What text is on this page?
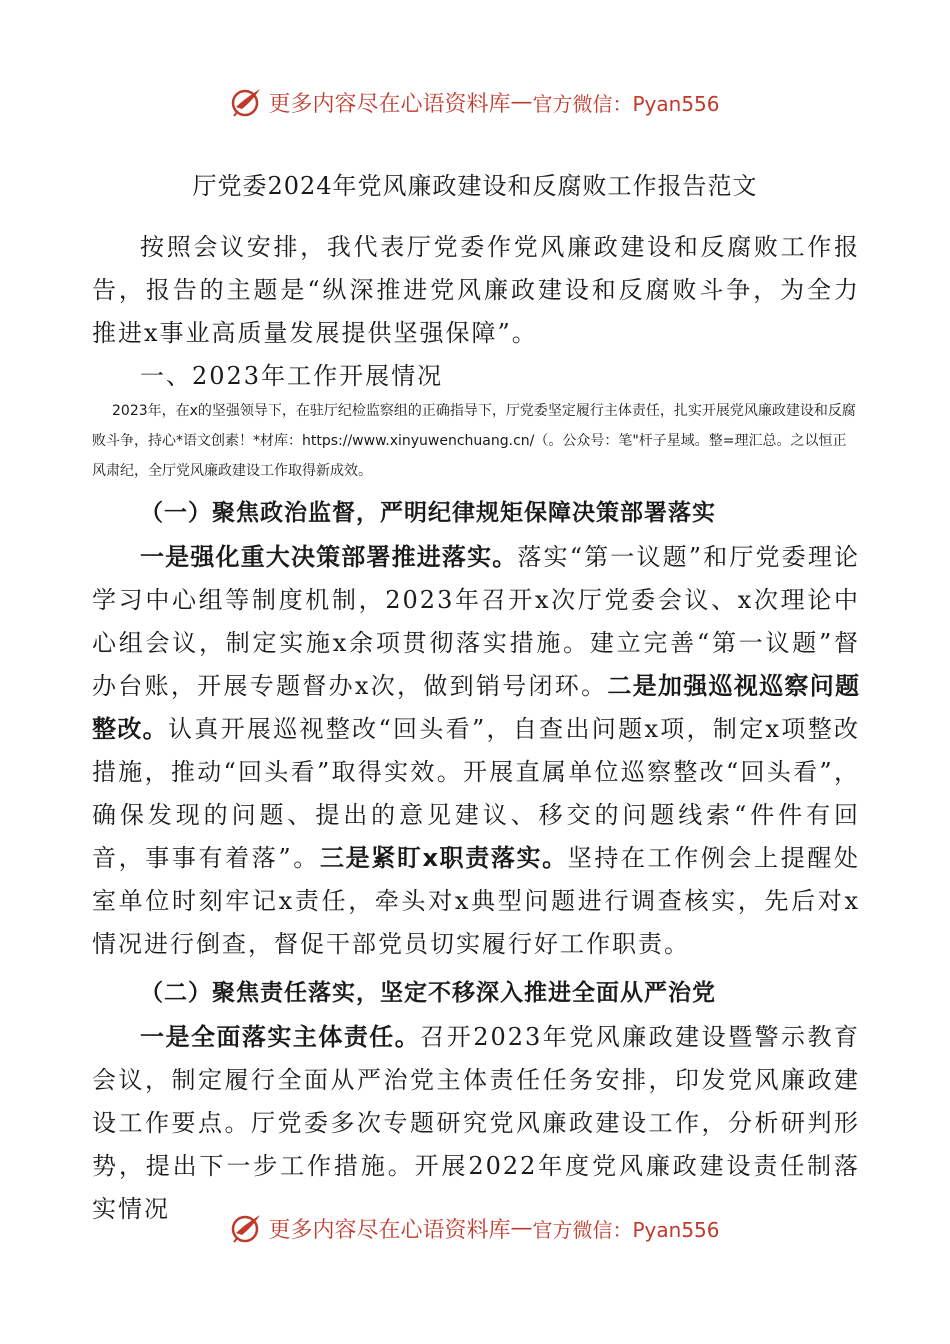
更多内容尽在心语资料库 — 官方微信：Pyan556
厅党委2024年党风廉政建设和反腐败工作报告范文
按照会议安排，我代表厅党委作党风廉政建设和反腐败工作报告，报告的主题是“纵深推进党风廉政建设和反腐败斗争，为全力推进x事业高质量发展提供坚强保障”。
一、2023年工作开展情况
2023年，在x的坚强领导下，在驻厅纪检监察组的正确指导下，厅党委坚定履行主体责任，扎实开展党风廉政建设和反腐败斗争，持心*语文创素！*材库：https://www.xinyuwenchuang.cn/（。公众号：笔"杆子星域。整=理汇总。之以恒正风肃纪，全厅党风廉政建设工作取得新成效。
（一）聚焦政治监督，严明纪律规矩保障决策部署落实
一是强化重大决策部署推进落实。落实“第一议题”和厅党委理论学习中心组等制度机制，2023年召开x次厅党委会议、x次理论中心组会议，制定实施x余项贯彻落实措施。建立完善“第一议题”督办台账，开展专题督办x次，做到销号闭环。二是加强巡视巡察问题整改。认真开展巡视整改“回头看”，自查出问题x项，制定x项整改措施，推动“回头看”取得实效。开展直属单位巡察整改“回头看”，确保发现的问题、提出的意见建议、移交的问题线索“件件有回音，事事有着落”。三是紧盯x职责落实。坚持在工作例会上提醒处室单位时刻牢记x责任，牵头对x典型问题进行调查核实，先后对x情况进行倒查，督促干部党员切实履行好工作职责。
（二）聚焦责任落实，坚定不移深入推进全面从严治党
一是全面落实主体责任。召开2023年党风廉政建设暨警示教育会议，制定履行全面从严治党主体责任任务安排，印发党风廉政建设工作要点。厅党委多次专题研究党风廉政建设工作，分析研判形势，提出下一步工作措施。开展2022年度党风廉政建设责任制落实情况
更多内容尽在心语资料库 — 官方微信：Pyan556
